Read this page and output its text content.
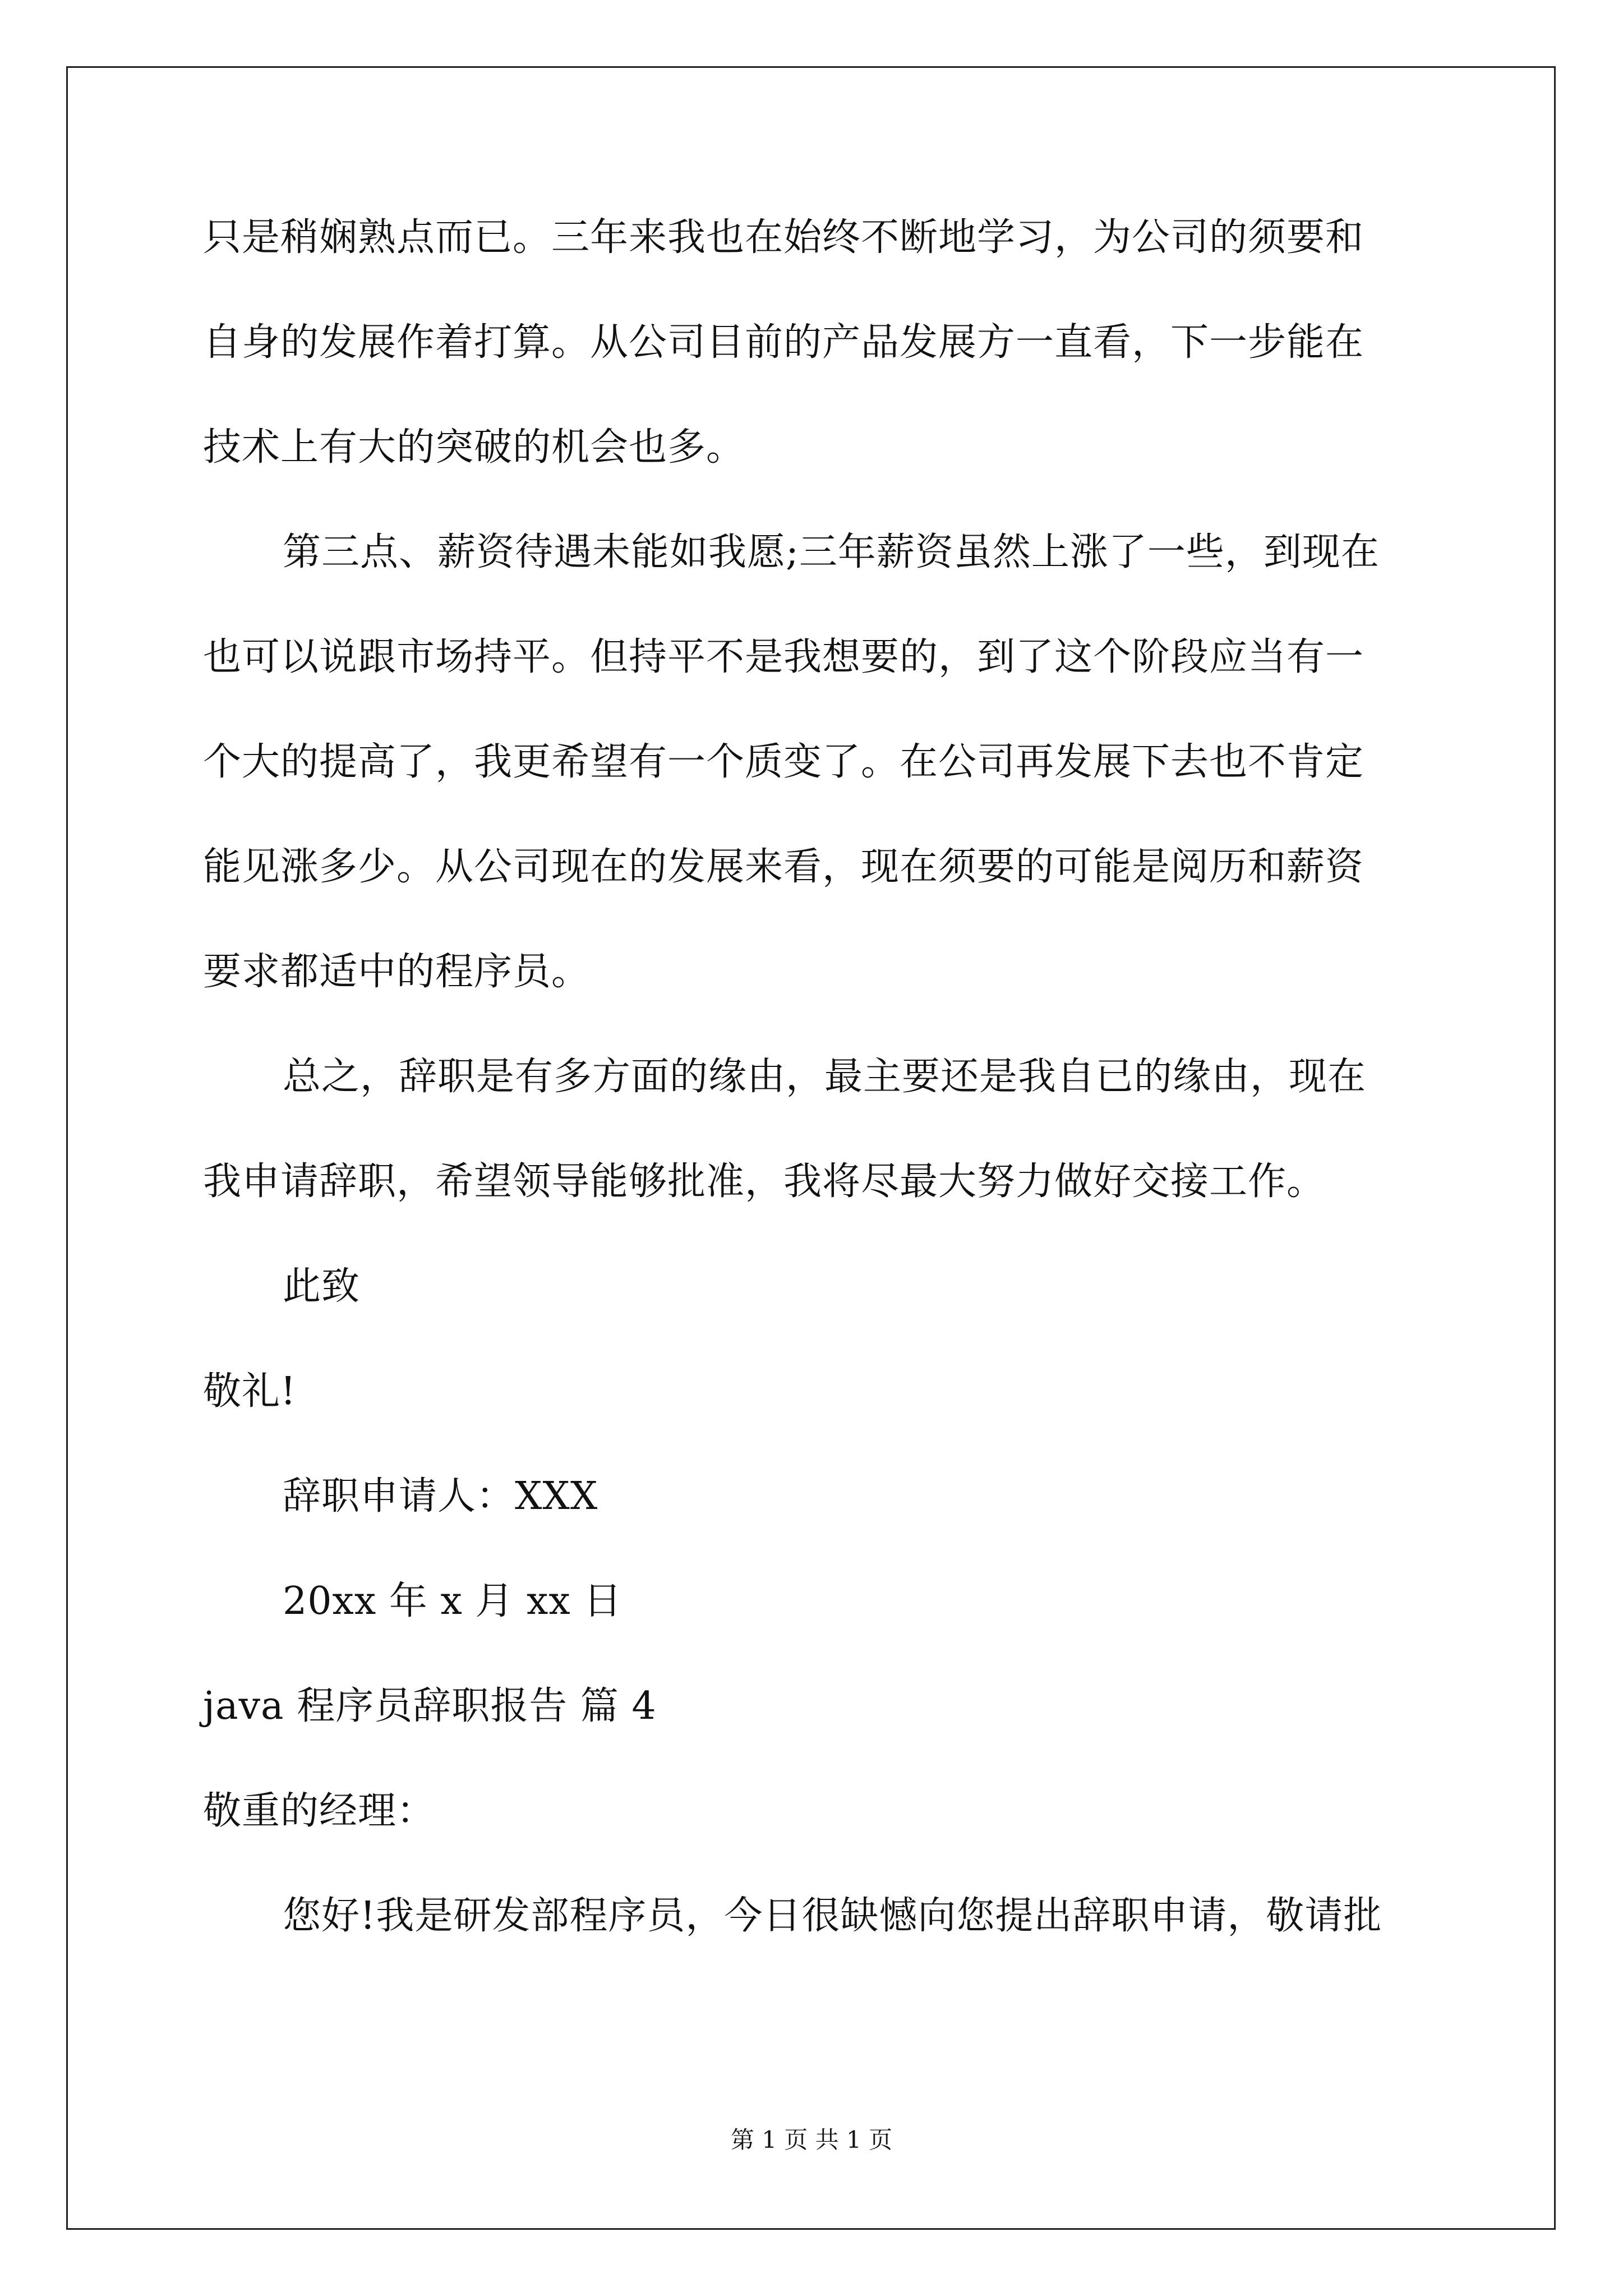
只是稍娴熟点而已。三年来我也在始终不断地学习，为公司的须要和
自身的发展作着打算。从公司目前的产品发展方一直看，下一步能在
技术上有大的突破的机会也多。
第三点、薪资待遇未能如我愿;三年薪资虽然上涨了一些，到现在
也可以说跟市场持平。但持平不是我想要的，到了这个阶段应当有一
个大的提高了，我更希望有一个质变了。在公司再发展下去也不肯定
能见涨多少。从公司现在的发展来看，现在须要的可能是阅历和薪资
要求都适中的程序员。
总之，辞职是有多方面的缘由，最主要还是我自已的缘由，现在
我申请辞职，希望领导能够批准，我将尽最大努力做好交接工作。
此致
敬礼!
辞职申请人：XXX
20xx 年 x 月 xx 日
java 程序员辞职报告 篇 4
敬重的经理：
您好!我是研发部程序员，今日很缺憾向您提出辞职申请，敬请批
第 1 页 共 1 页
